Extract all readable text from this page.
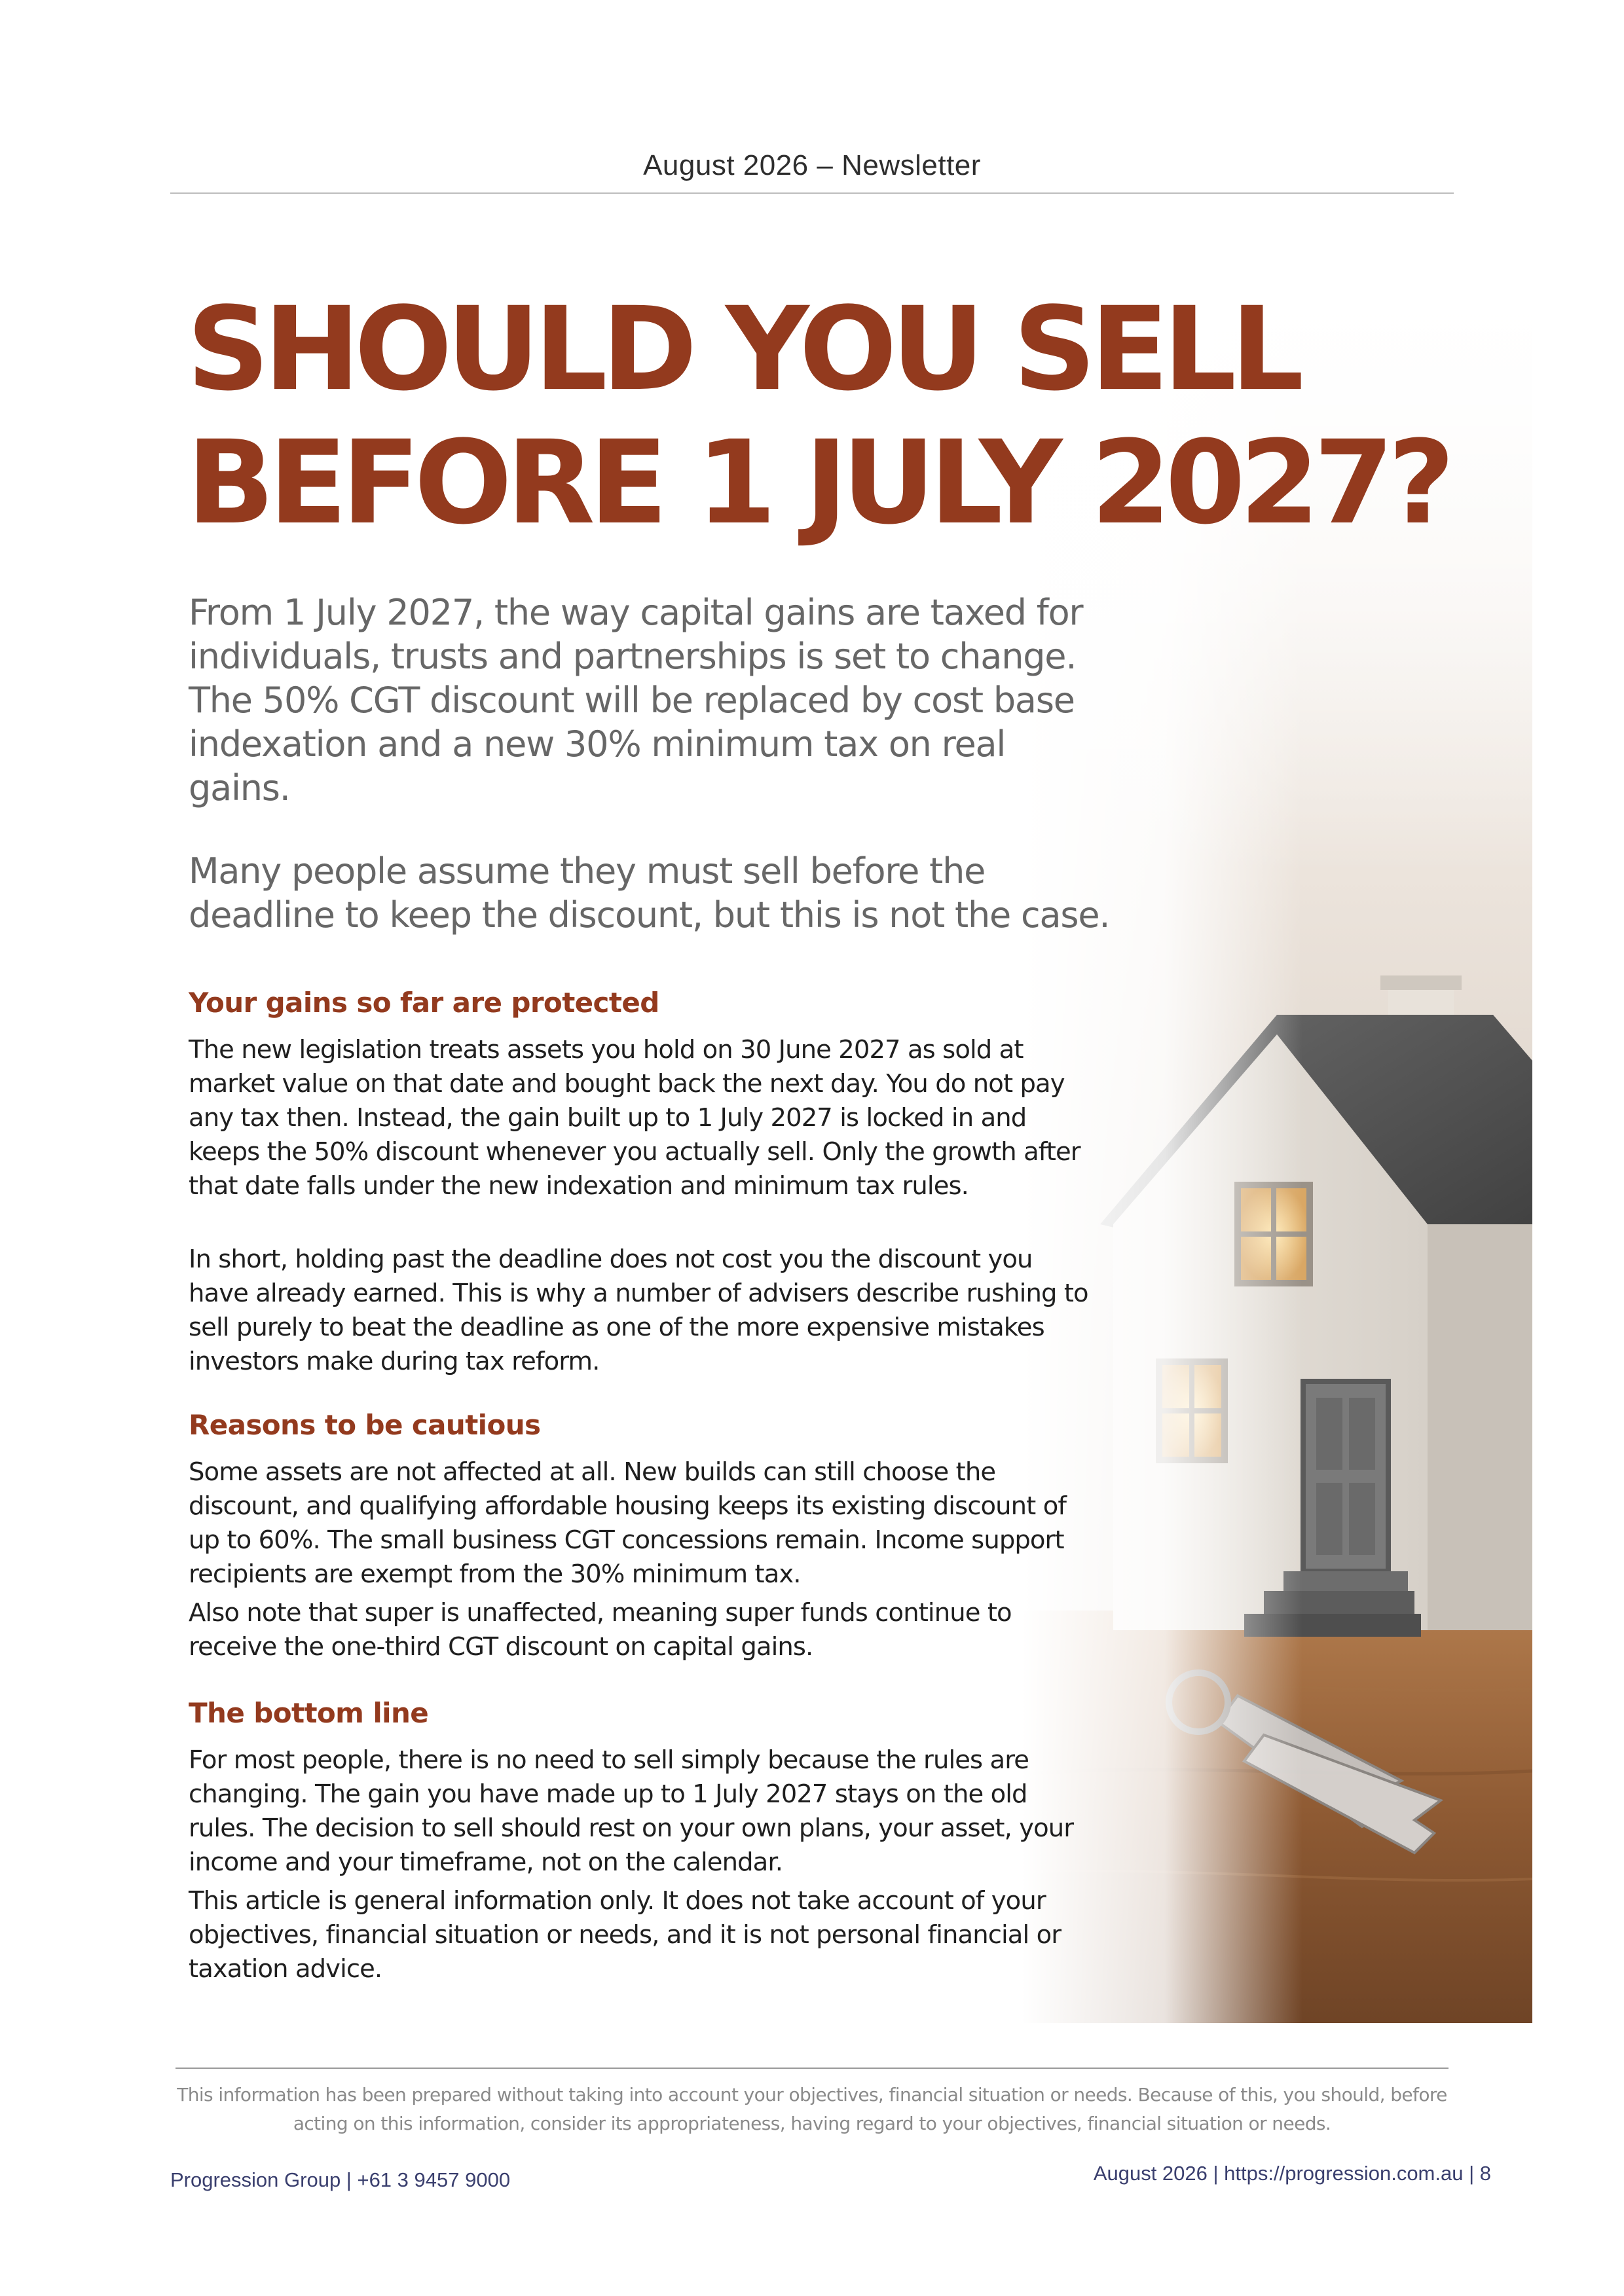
August 2026 – Newsletter
SHOULD YOU SELL
BEFORE 1 JULY 2027?

From 1 July 2027, the way capital gains are taxed for individuals, trusts and partnerships is set to change. The 50% CGT discount will be replaced by cost base indexation and a new 30% minimum tax on real gains.

Many people assume they must sell before the deadline to keep the discount, but this is not the case.

Your gains so far are protected

The new legislation treats assets you hold on 30 June 2027 as sold at market value on that date and bought back the next day. You do not pay any tax then. Instead, the gain built up to 1 July 2027 is locked in and keeps the 50% discount whenever you actually sell. Only the growth after that date falls under the new indexation and minimum tax rules.

In short, holding past the deadline does not cost you the discount you have already earned. This is why a number of advisers describe rushing to sell purely to beat the deadline as one of the more expensive mistakes investors make during tax reform.

Reasons to be cautious

Some assets are not affected at all. New builds can still choose the discount, and qualifying affordable housing keeps its existing discount of up to 60%. The small business CGT concessions remain. Income support recipients are exempt from the 30% minimum tax.

Also note that super is unaffected, meaning super funds continue to receive the one-third CGT discount on capital gains.

The bottom line

For most people, there is no need to sell simply because the rules are changing. The gain you have made up to 1 July 2027 stays on the old rules. The decision to sell should rest on your own plans, your asset, your income and your timeframe, not on the calendar.

This article is general information only. It does not take account of your objectives, financial situation or needs, and it is not personal financial or taxation advice.

This information has been prepared without taking into account your objectives, financial situation or needs. Because of this, you should, before acting on this information, consider its appropriateness, having regard to your objectives, financial situation or needs.

Progression Group | +61 3 9457 9000	August 2026 | https://progression.com.au | 8
